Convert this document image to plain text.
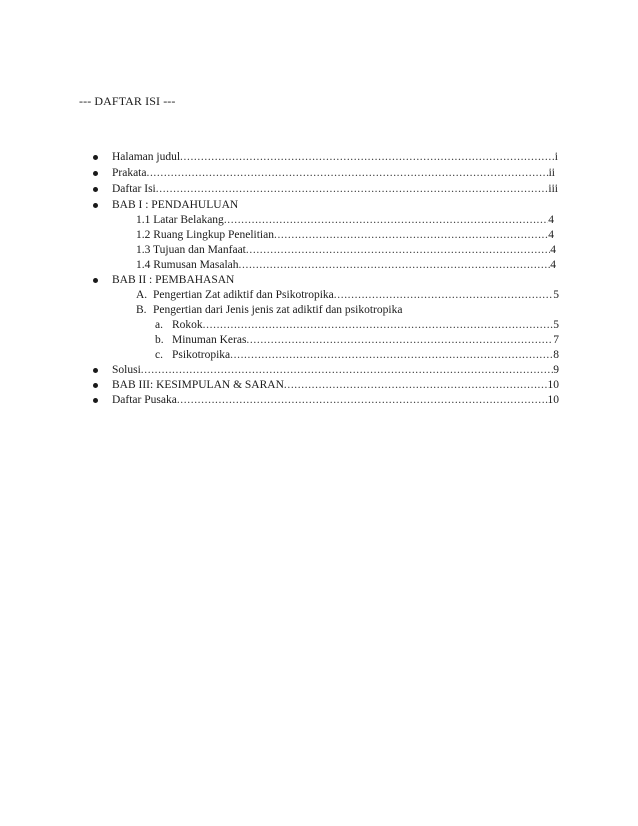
--- DAFTAR ISI ---
Halaman judul .....	i
Prakata .....	ii
Daftar Isi .....	iii
BAB I : PENDAHULUAN
1.1 Latar Belakang .....	4
1.2 Ruang Lingkup Penelitian .....	4
1.3 Tujuan dan Manfaat .....	4
1.4 Rumusan Masalah .....	4
BAB II : PEMBAHASAN
A. Pengertian Zat adiktif dan Psikotropika .....	5
B. Pengertian dari Jenis jenis zat adiktif dan psikotropika
a. Rokok .....	5
b. Minuman Keras .....	7
c. Psikotropika .....	8
Solusi .....	9
BAB III: KESIMPULAN & SARAN .....	10
Daftar Pusaka .....	10
